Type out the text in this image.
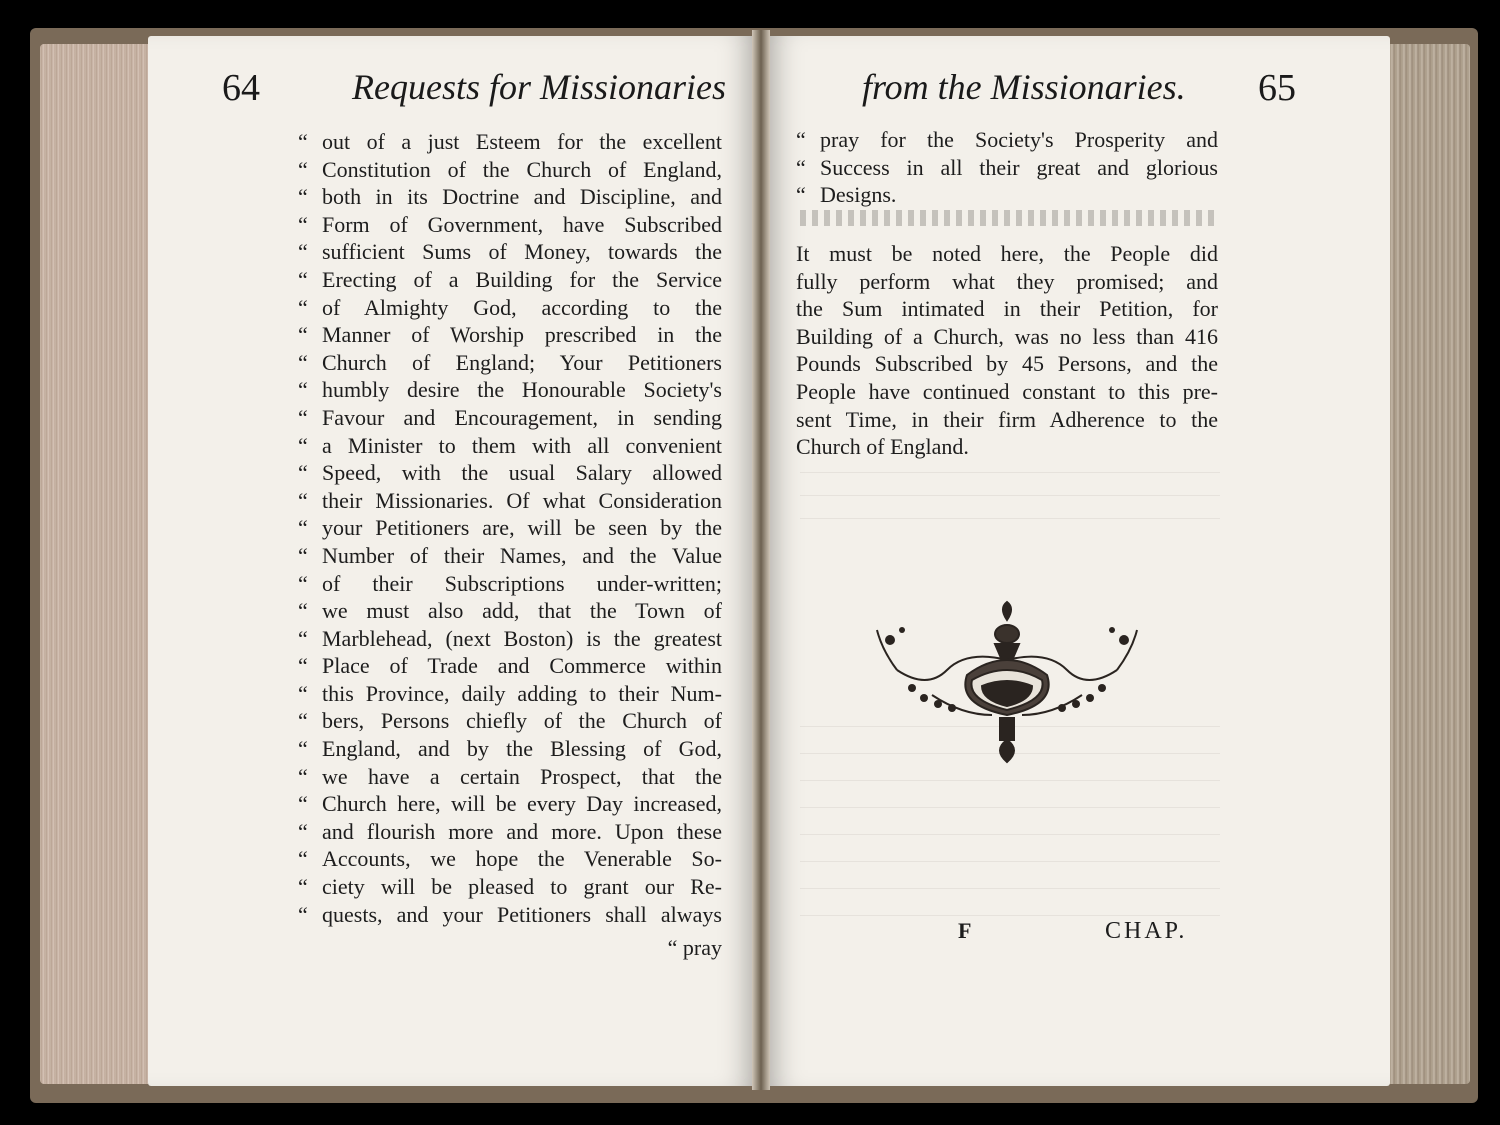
64	Requests for Missionaries
“ out of a just Esteem for the excellent
“ Constitution of the Church of England,
“ both in its Doctrine and Discipline, and
“ Form of Government, have Subscribed
“ sufficient Sums of Money, towards the
“ Erecting of a Building for the Service
“ of Almighty God, according to the
“ Manner of Worship prescribed in the
“ Church of England; Your Petitioners
“ humbly desire the Honourable Society's
“ Favour and Encouragement, in sending
“ a Minister to them with all convenient
“ Speed, with the usual Salary allowed
“ their Missionaries. Of what Consideration
“ your Petitioners are, will be seen by the
“ Number of their Names, and the Value
“ of their Subscriptions under-written;
“ we must also add, that the Town of
“ Marblehead, (next Boston) is the greatest
“ Place of Trade and Commerce within
“ this Province, daily adding to their Num-
“ bers, Persons chiefly of the Church of
“ England, and by the Blessing of God,
“ we have a certain Prospect, that the
“ Church here, will be every Day increased,
“ and flourish more and more. Upon these
“ Accounts, we hope the Venerable So-
“ ciety will be pleased to grant our Re-
“ quests, and your Petitioners shall always
“ pray
from the Missionaries. 65
“ pray for the Society's Prosperity and
“ Success in all their great and glorious
“ Designs.
It must be noted here, the People did
fully perform what they promised; and
the Sum intimated in their Petition, for
Building of a Church, was no less than 416
Pounds Subscribed by 45 Persons, and the
People have continued constant to this pre-
sent Time, in their firm Adherence to the
Church of England.
F	CHAP.
